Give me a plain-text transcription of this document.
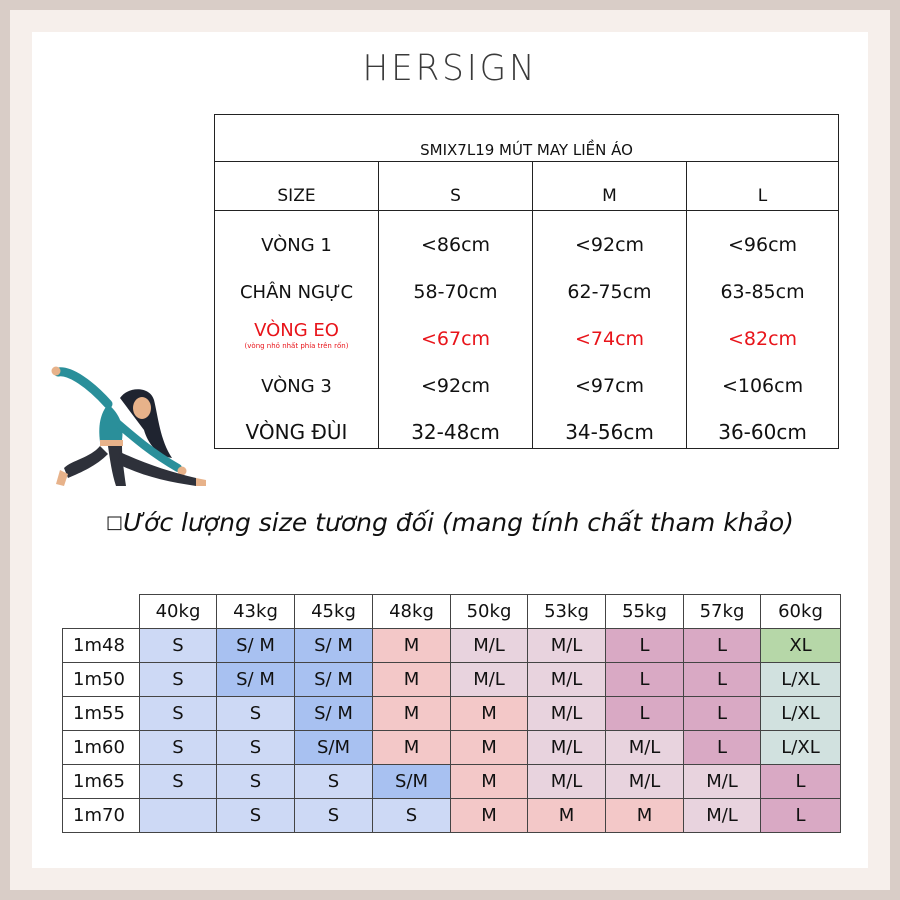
HERSIGN
SMIX7L19 MÚT MAY LIỀN ÁO			
SIZE	S	M	L
VÒNG 1	<86cm	<92cm	<96cm
CHÂN NGỰC	58-70cm	62-75cm	63-85cm
VÒNG EO
(vòng nhỏ nhất phía trên rốn)	<67cm	<74cm	<82cm
VÒNG 3	<92cm	<97cm	<106cm
VÒNG ĐÙI	32-48cm	34-56cm	36-60cm
□Ước lượng size tương đối (mang tính chất tham khảo)
	40kg	43kg	45kg	48kg	50kg	53kg	55kg	57kg	60kg
1m48	S	S/ M	S/ M	M	M/L	M/L	L	L	XL
1m50	S	S/ M	S/ M	M	M/L	M/L	L	L	L/XL
1m55	S	S	S/ M	M	M	M/L	L	L	L/XL
1m60	S	S	S/M	M	M	M/L	M/L	L	L/XL
1m65	S	S	S	S/M	M	M/L	M/L	M/L	L
1m70		S	S	S	M	M	M	M/L	L
